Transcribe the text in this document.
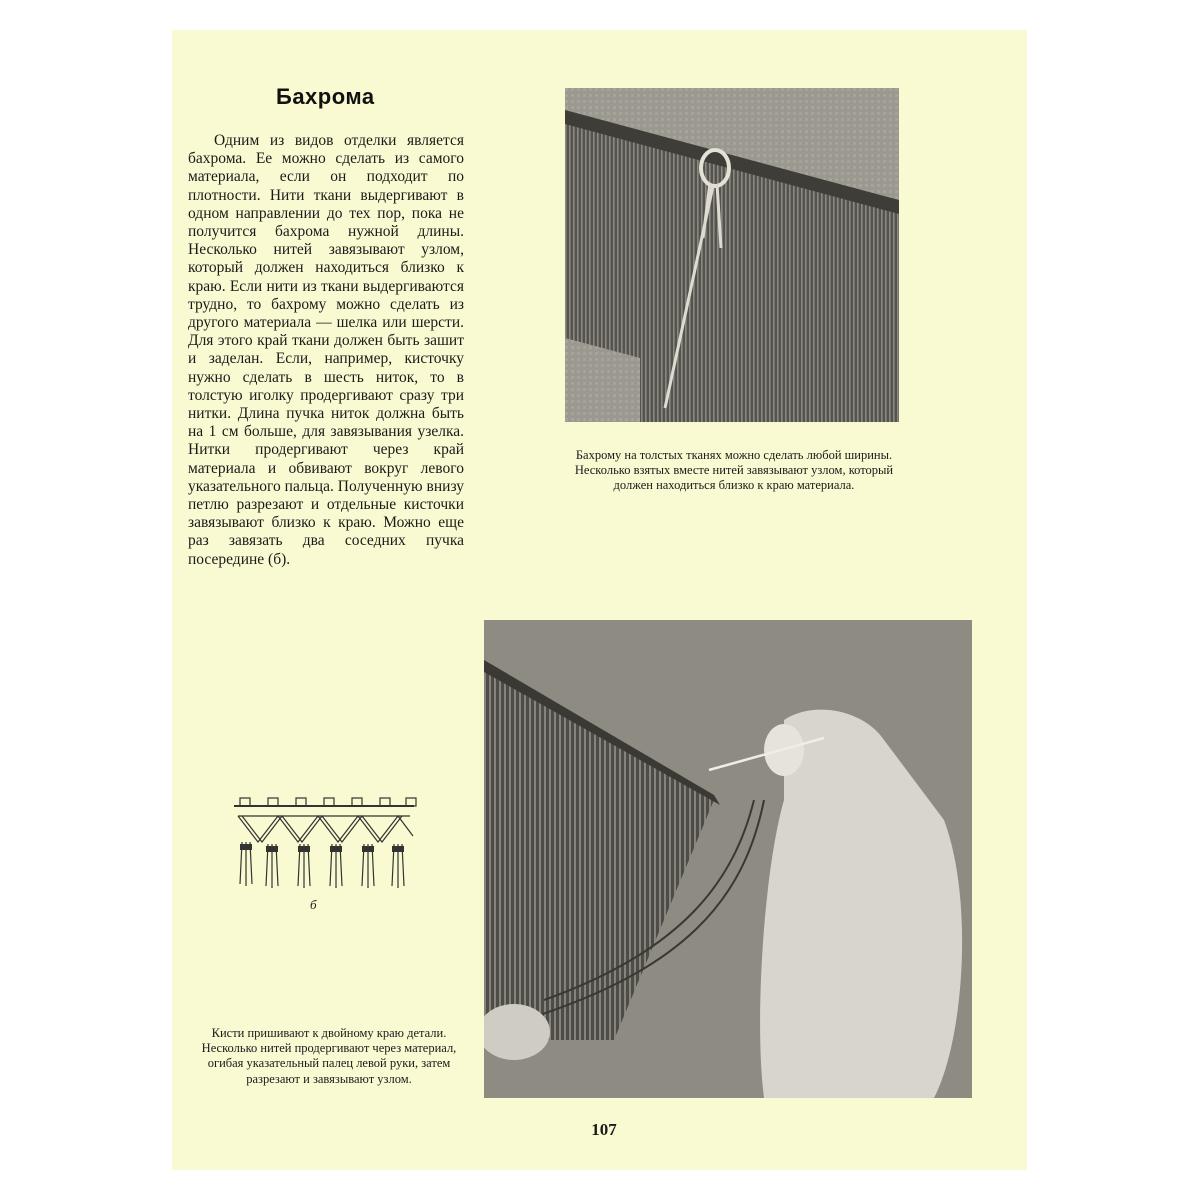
Бахрома
Одним из видов отделки является бахрома. Ее можно сделать из самого материала, если он подходит по плотности. Нити ткани выдергивают в одном направлении до тех пор, пока не получится бахрома нужной длины. Несколько нитей завязывают узлом, который должен находиться близко к краю. Если нити из ткани выдергиваются трудно, то бахрому можно сделать из другого материала — шелка или шерсти. Для этого край ткани должен быть зашит и заделан. Если, например, кисточку нужно сделать в шесть ниток, то в толстую иголку продергивают сразу три нитки. Длина пучка ниток должна быть на 1 см больше, для завязывания узелка. Нитки продергивают через край материала и обвивают вокруг левого указательного пальца. Полученную внизу петлю разрезают и отдельные кисточки завязывают близко к краю. Можно еще раз завязать два соседних пучка посередине (б).
Бахрому на толстых тканях можно сделать любой ширины. Несколько взятых вместе нитей завязывают узлом, который должен находиться близко к краю материала.
б
Кисти пришивают к двойному краю детали. Несколько нитей продергивают через материал, огибая указательный палец левой руки, затем разрезают и завязывают узлом.
107
